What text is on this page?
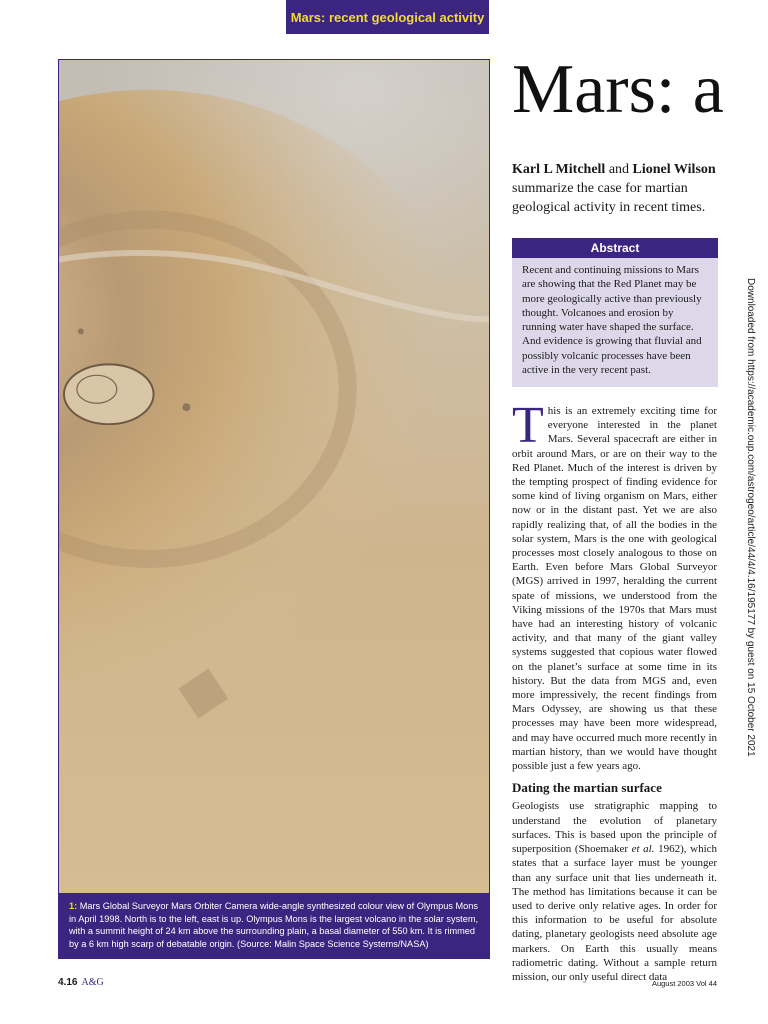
Mars: recent geological activity
1: Mars Global Surveyor Mars Orbiter Camera wide-angle synthesized colour view of Olympus Mons in April 1998. North is to the left, east is up. Olympus Mons is the largest volcano in the solar system, with a summit height of 24 km above the surrounding plain, a basal diameter of 550 km. It is rimmed by a 6 km high scarp of debatable origin. (Source: Malin Space Science Systems/NASA)
Mars: a
Karl L Mitchell and Lionel Wilson summarize the case for martian geological activity in recent times.
Abstract
Recent and continuing missions to Mars are showing that the Red Planet may be more geologically active than previously thought. Volcanoes and erosion by running water have shaped the surface. And evidence is growing that fluvial and possibly volcanic processes have been active in the very recent past.

This is an extremely exciting time for everyone interested in the planet Mars. Several spacecraft are either in orbit around Mars, or are on their way to the Red Planet. Much of the interest is driven by the tempting prospect of finding evidence for some kind of living organism on Mars, either now or in the distant past. Yet we are also rapidly realizing that, of all the bodies in the solar system, Mars is the one with geological processes most closely analogous to those on Earth. Even before Mars Global Surveyor (MGS) arrived in 1997, heralding the current spate of missions, we understood from the Viking missions of the 1970s that Mars must have had an interesting history of volcanic activity, and that many of the giant valley systems suggested that copious water flowed on the planet’s surface at some time in its history. But the data from MGS and, even more impressively, the recent findings from Mars Odyssey, are showing us that these processes may have been more widespread, and may have occurred much more recently in martian history, than we would have thought possible just a few years ago.

Dating the martian surface

Geologists use stratigraphic mapping to understand the evolution of planetary surfaces. This is based upon the principle of superposition (Shoemaker et al. 1962), which states that a surface layer must be younger than any surface unit that lies underneath it. The method has limitations because it can be used to derive only relative ages. In order for this information to be useful for absolute dating, planetary geologists need absolute age markers. On Earth this usually means radiometric dating. Without a sample return mission, our only useful direct data

Downloaded from https://academic.oup.com/astrogeo/article/44/4/4.16/195177 by guest on 15 October 2021
4.16 A&G	August 2003 Vol 44
